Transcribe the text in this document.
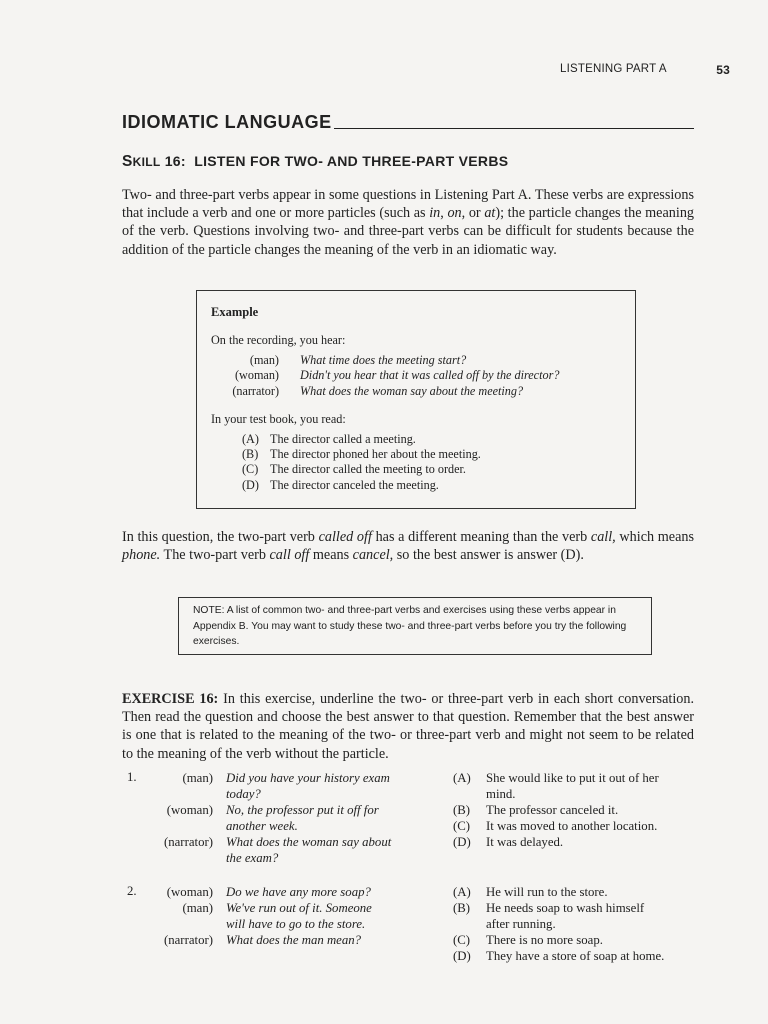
LISTENING PART A	53
IDIOMATIC LANGUAGE
SKILL 16: LISTEN FOR TWO- AND THREE-PART VERBS

Two- and three-part verbs appear in some questions in Listening Part A. These verbs are expressions that include a verb and one or more particles (such as in, on, or at); the particle changes the meaning of the verb. Questions involving two- and three-part verbs can be difficult for students because the addition of the particle changes the meaning of the verb in an idiomatic way.

Example
On the recording, you hear:
(man)	What time does the meeting start?
(woman)	Didn't you hear that it was called off by the director?
(narrator)	What does the woman say about the meeting?
In your test book, you read:
(A) The director called a meeting.
(B) The director phoned her about the meeting.
(C) The director called the meeting to order.
(D) The director canceled the meeting.

In this question, the two-part verb called off has a different meaning than the verb call, which means phone. The two-part verb call off means cancel, so the best answer is answer (D).

NOTE: A list of common two- and three-part verbs and exercises using these verbs appear in Appendix B. You may want to study these two- and three-part verbs before you try the following exercises.

EXERCISE 16: In this exercise, underline the two- or three-part verb in each short conversation. Then read the question and choose the best answer to that question. Remember that the best answer is one that is related to the meaning of the two- or three-part verb and might not seem to be related to the meaning of the verb without the particle.

1.	(man)	Did you have your history exam
today?
(woman)	No, the professor put it off for
another week.
(narrator)	What does the woman say about
the exam?
(A)	She would like to put it out of her
mind.
(B)	The professor canceled it.
(C)	It was moved to another location.
(D)	It was delayed.
2.	(woman)	Do we have any more soap?
(man)	We've run out of it. Someone
will have to go to the store.
(narrator)	What does the man mean?
(A)	He will run to the store.
(B)	He needs soap to wash himself
after running.
(C)	There is no more soap.
(D)	They have a store of soap at home.
